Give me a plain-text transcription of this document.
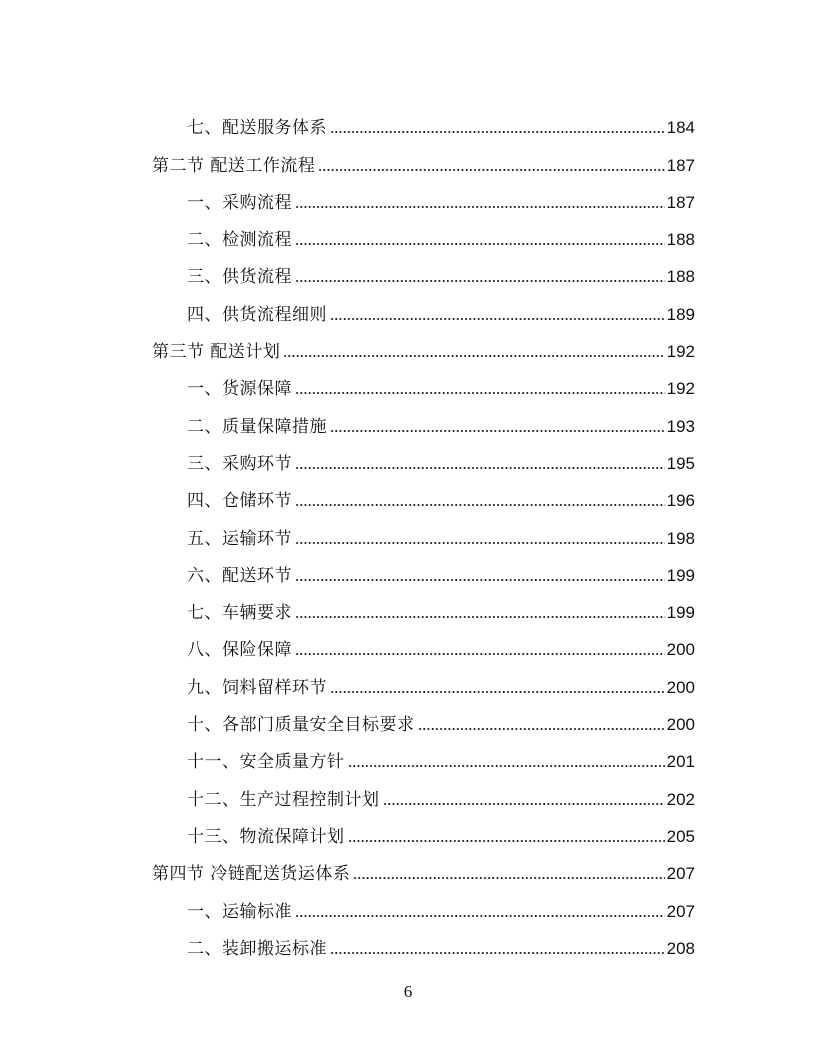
七、配送服务体系	184
第二节 配送工作流程	187
一、采购流程	187
二、检测流程	188
三、供货流程	188
四、供货流程细则	189
第三节 配送计划	192
一、货源保障	192
二、质量保障措施	193
三、采购环节	195
四、仓储环节	196
五、运输环节	198
六、配送环节	199
七、车辆要求	199
八、保险保障	200
九、饲料留样环节	200
十、各部门质量安全目标要求	200
十一、安全质量方针	201
十二、生产过程控制计划	202
十三、物流保障计划	205
第四节 冷链配送货运体系	207
一、运输标准	207
二、装卸搬运标准	208
6
